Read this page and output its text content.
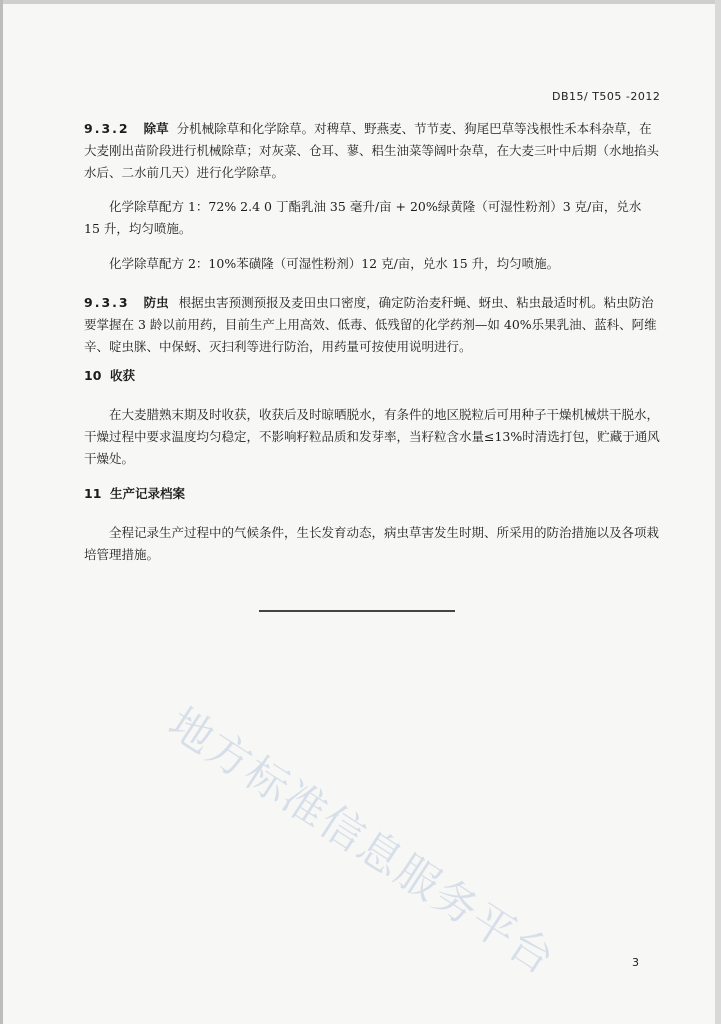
DB15/ T505 -2012
9.3.2 除草 分机械除草和化学除草。对稗草、野燕麦、节节麦、狗尾巴草等浅根性禾本科杂草，在大麦刚出苗阶段进行机械除草；对灰菜、仓耳、蓼、稆生油菜等阔叶杂草，在大麦三叶中后期（水地掐头水后、二水前几天）进行化学除草。
化学除草配方 1：72% 2.4 0 丁酯乳油 35 毫升/亩 + 20%绿黄隆（可湿性粉剂）3 克/亩，兑水 15 升，均匀喷施。
化学除草配方 2：10%苯磺隆（可湿性粉剂）12 克/亩，兑水 15 升，均匀喷施。
9.3.3 防虫 根据虫害预测预报及麦田虫口密度，确定防治麦秆蝇、蚜虫、粘虫最适时机。粘虫防治要掌握在 3 龄以前用药，目前生产上用高效、低毒、低残留的化学药剂—如 40%乐果乳油、蓝科、阿维辛、啶虫脒、中保蚜、灭扫利等进行防治，用药量可按使用说明进行。
10 收获
在大麦腊熟末期及时收获，收获后及时晾晒脱水，有条件的地区脱粒后可用种子干燥机械烘干脱水，干燥过程中要求温度均匀稳定，不影响籽粒品质和发芽率，当籽粒含水量≤13%时清选打包，贮藏于通风干燥处。
11 生产记录档案
全程记录生产过程中的气候条件，生长发育动态，病虫草害发生时期、所采用的防治措施以及各项栽培管理措施。
地方标准信息服务平台	3
